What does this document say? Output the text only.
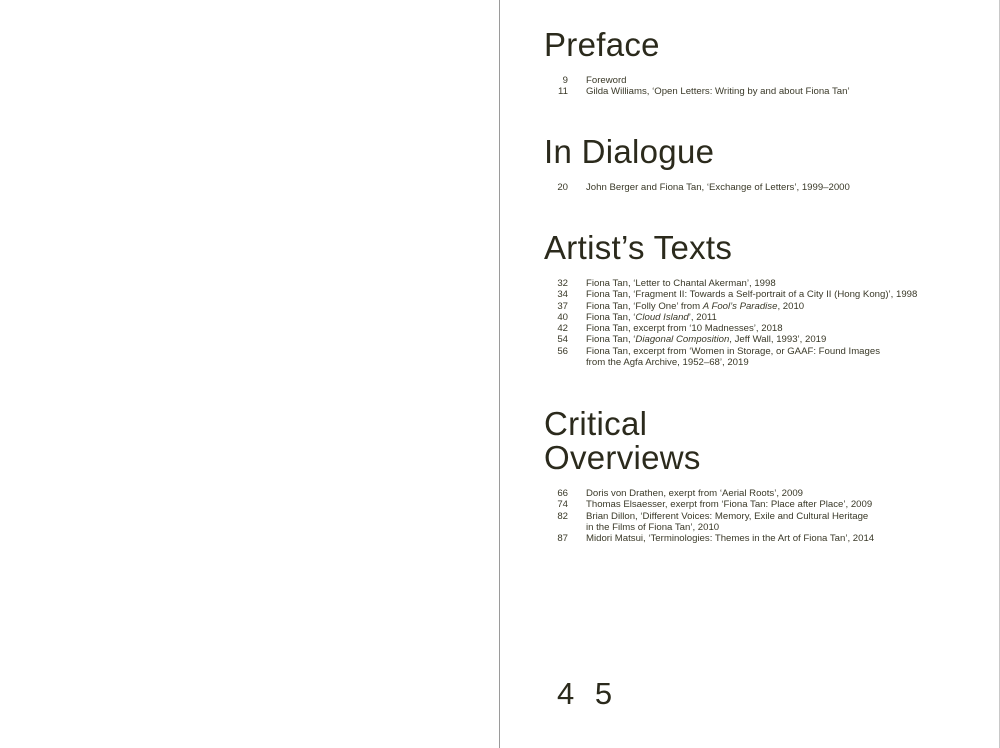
Preface
9 Foreword
11 Gilda Williams, ‘Open Letters: Writing by and about Fiona Tan’
In Dialogue
20 John Berger and Fiona Tan, ‘Exchange of Letters’, 1999–2000
Artist’s Texts
32 Fiona Tan, ‘Letter to Chantal Akerman’, 1998
34 Fiona Tan, ‘Fragment II: Towards a Self-portrait of a City II (Hong Kong)’, 1998
37 Fiona Tan, ‘Folly One’ from A Fool’s Paradise, 2010
40 Fiona Tan, ‘Cloud Island’, 2011
42 Fiona Tan, excerpt from ‘10 Madnesses’, 2018
54 Fiona Tan, ‘Diagonal Composition, Jeff Wall, 1993’, 2019
56 Fiona Tan, excerpt from ‘Women in Storage, or GAAF: Found Images
from the Agfa Archive, 1952–68’, 2019
Critical
Overviews
66 Doris von Drathen, exerpt from ‘Aerial Roots’, 2009
74 Thomas Elsaesser, exerpt from ‘Fiona Tan: Place after Place’, 2009
82 Brian Dillon, ‘Different Voices: Memory, Exile and Cultural Heritage
in the Films of Fiona Tan’, 2010
87 Midori Matsui, ‘Terminologies: Themes in the Art of Fiona Tan’, 2014
4 5
